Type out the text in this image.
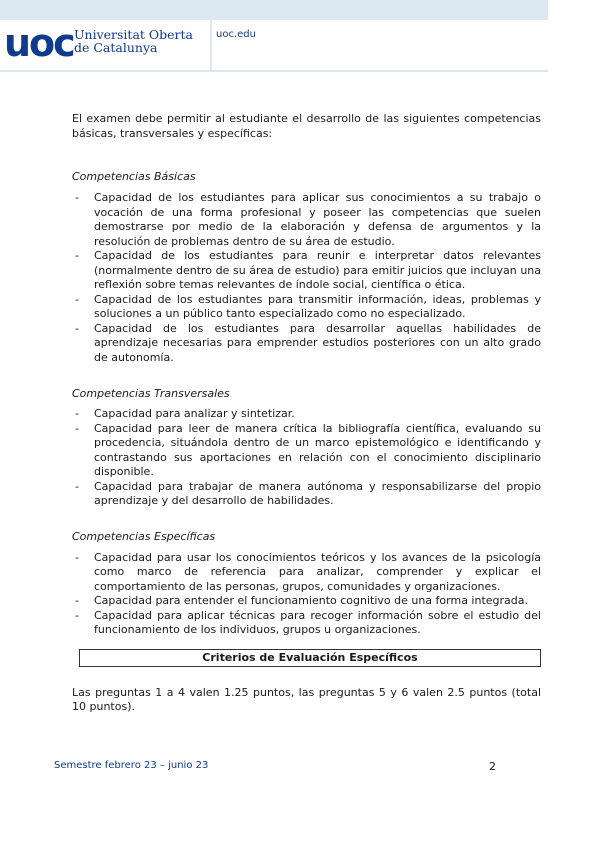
uoc Universitat Oberta
de Catalunya
uoc.edu

El examen debe permitir al estudiante el desarrollo de las siguientes competencias básicas, transversales y específicas:

Competencias Básicas

- Capacidad de los estudiantes para aplicar sus conocimientos a su trabajo o vocación de una forma profesional y poseer las competencias que suelen demostrarse por medio de la elaboración y defensa de argumentos y la resolución de problemas dentro de su área de estudio.
- Capacidad de los estudiantes para reunir e interpretar datos relevantes (normalmente dentro de su área de estudio) para emitir juicios que incluyan una reflexión sobre temas relevantes de índole social, científica o ética.
- Capacidad de los estudiantes para transmitir información, ideas, problemas y soluciones a un público tanto especializado como no especializado.
- Capacidad de los estudiantes para desarrollar aquellas habilidades de aprendizaje necesarias para emprender estudios posteriores con un alto grado de autonomía.

Competencias Transversales

- Capacidad para analizar y sintetizar.
- Capacidad para leer de manera crítica la bibliografía científica, evaluando su procedencia, situándola dentro de un marco epistemológico e identificando y contrastando sus aportaciones en relación con el conocimiento disciplinario disponible.
- Capacidad para trabajar de manera autónoma y responsabilizarse del propio aprendizaje y del desarrollo de habilidades.

Competencias Específicas

- Capacidad para usar los conocimientos teóricos y los avances de la psicología como marco de referencia para analizar, comprender y explicar el comportamiento de las personas, grupos, comunidades y organizaciones.
- Capacidad para entender el funcionamiento cognitivo de una forma integrada.
- Capacidad para aplicar técnicas para recoger información sobre el estudio del funcionamiento de los individuos, grupos u organizaciones.
Criterios de Evaluación Específicos

Las preguntas 1 a 4 valen 1.25 puntos, las preguntas 5 y 6 valen 2.5 puntos (total 10 puntos).

Semestre febrero 23 – junio 23	2
